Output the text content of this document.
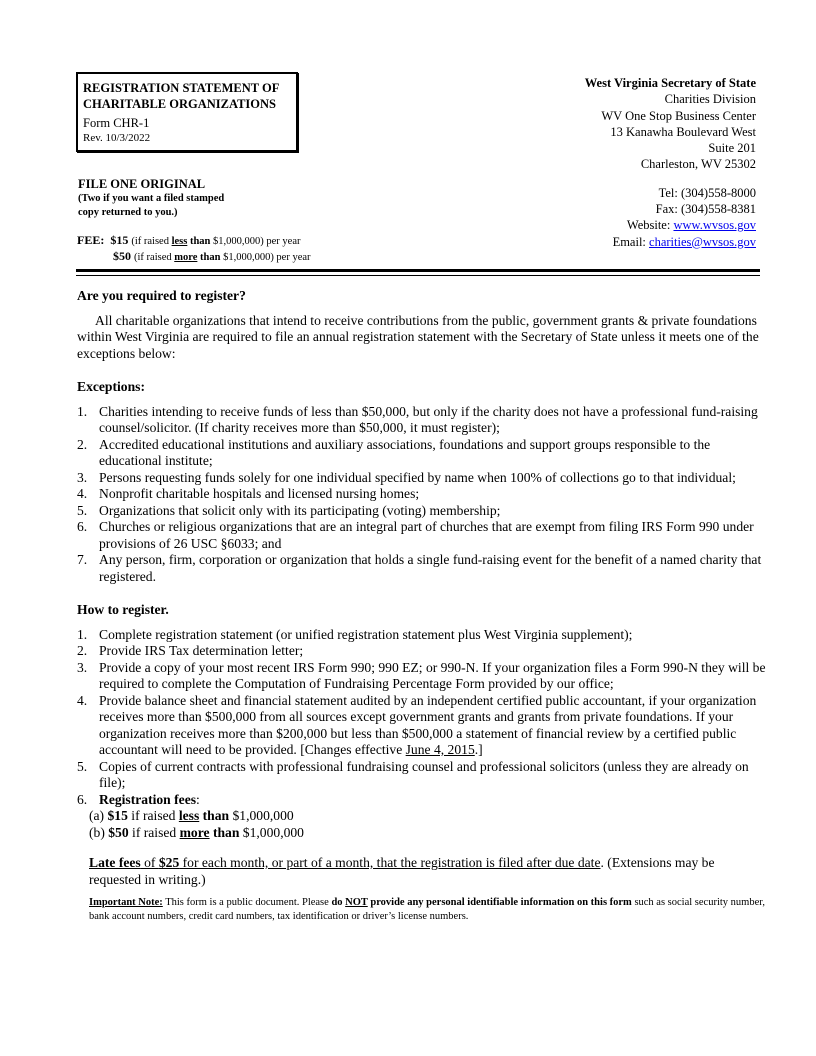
REGISTRATION STATEMENT OF
CHARITABLE ORGANIZATIONS
Form CHR-1
Rev. 10/3/2022
FILE ONE ORIGINAL
(Two if you want a filed stamped
copy returned to you.)
FEE: $15 (if raised less than $1,000,000) per year
$50 (if raised more than $1,000,000) per year
West Virginia Secretary of State
Charities Division
WV One Stop Business Center
13 Kanawha Boulevard West
Suite 201
Charleston, WV 25302
Tel: (304)558-8000
Fax: (304)558-8381
Website: www.wvsos.gov
Email: charities@wvsos.gov
Are you required to register?

All charitable organizations that intend to receive contributions from the public, government grants & private foundations within West Virginia are required to file an annual registration statement with the Secretary of State unless it meets one of the exceptions below:

Exceptions:
1. Charities intending to receive funds of less than $50,000, but only if the charity does not have a professional fund-raising counsel/solicitor. (If charity receives more than $50,000, it must register);
2. Accredited educational institutions and auxiliary associations, foundations and support groups responsible to the educational institute;
3. Persons requesting funds solely for one individual specified by name when 100% of collections go to that individual;
4. Nonprofit charitable hospitals and licensed nursing homes;
5. Organizations that solicit only with its participating (voting) membership;
6. Churches or religious organizations that are an integral part of churches that are exempt from filing IRS Form 990 under provisions of 26 USC §6033; and
7. Any person, firm, corporation or organization that holds a single fund-raising event for the benefit of a named charity that registered.
How to register.
1. Complete registration statement (or unified registration statement plus West Virginia supplement);
2. Provide IRS Tax determination letter;
3. Provide a copy of your most recent IRS Form 990; 990 EZ; or 990-N. If your organization files a Form 990-N they will be required to complete the Computation of Fundraising Percentage Form provided by our office;
4. Provide balance sheet and financial statement audited by an independent certified public accountant, if your organization receives more than $500,000 from all sources except government grants and grants from private foundations. If your organization receives more than $200,000 but less than $500,000 a statement of financial review by a certified public accountant will need to be provided. [Changes effective June 4, 2015.]
5. Copies of current contracts with professional fundraising counsel and professional solicitors (unless they are already on file);
6. Registration fees:
(a) $15 if raised less than $1,000,000
(b) $50 if raised more than $1,000,000

Late fees of $25 for each month, or part of a month, that the registration is filed after due date. (Extensions may be requested in writing.)

Important Note: This form is a public document. Please do NOT provide any personal identifiable information on this form such as social security number, bank account numbers, credit card numbers, tax identification or driver’s license numbers.
